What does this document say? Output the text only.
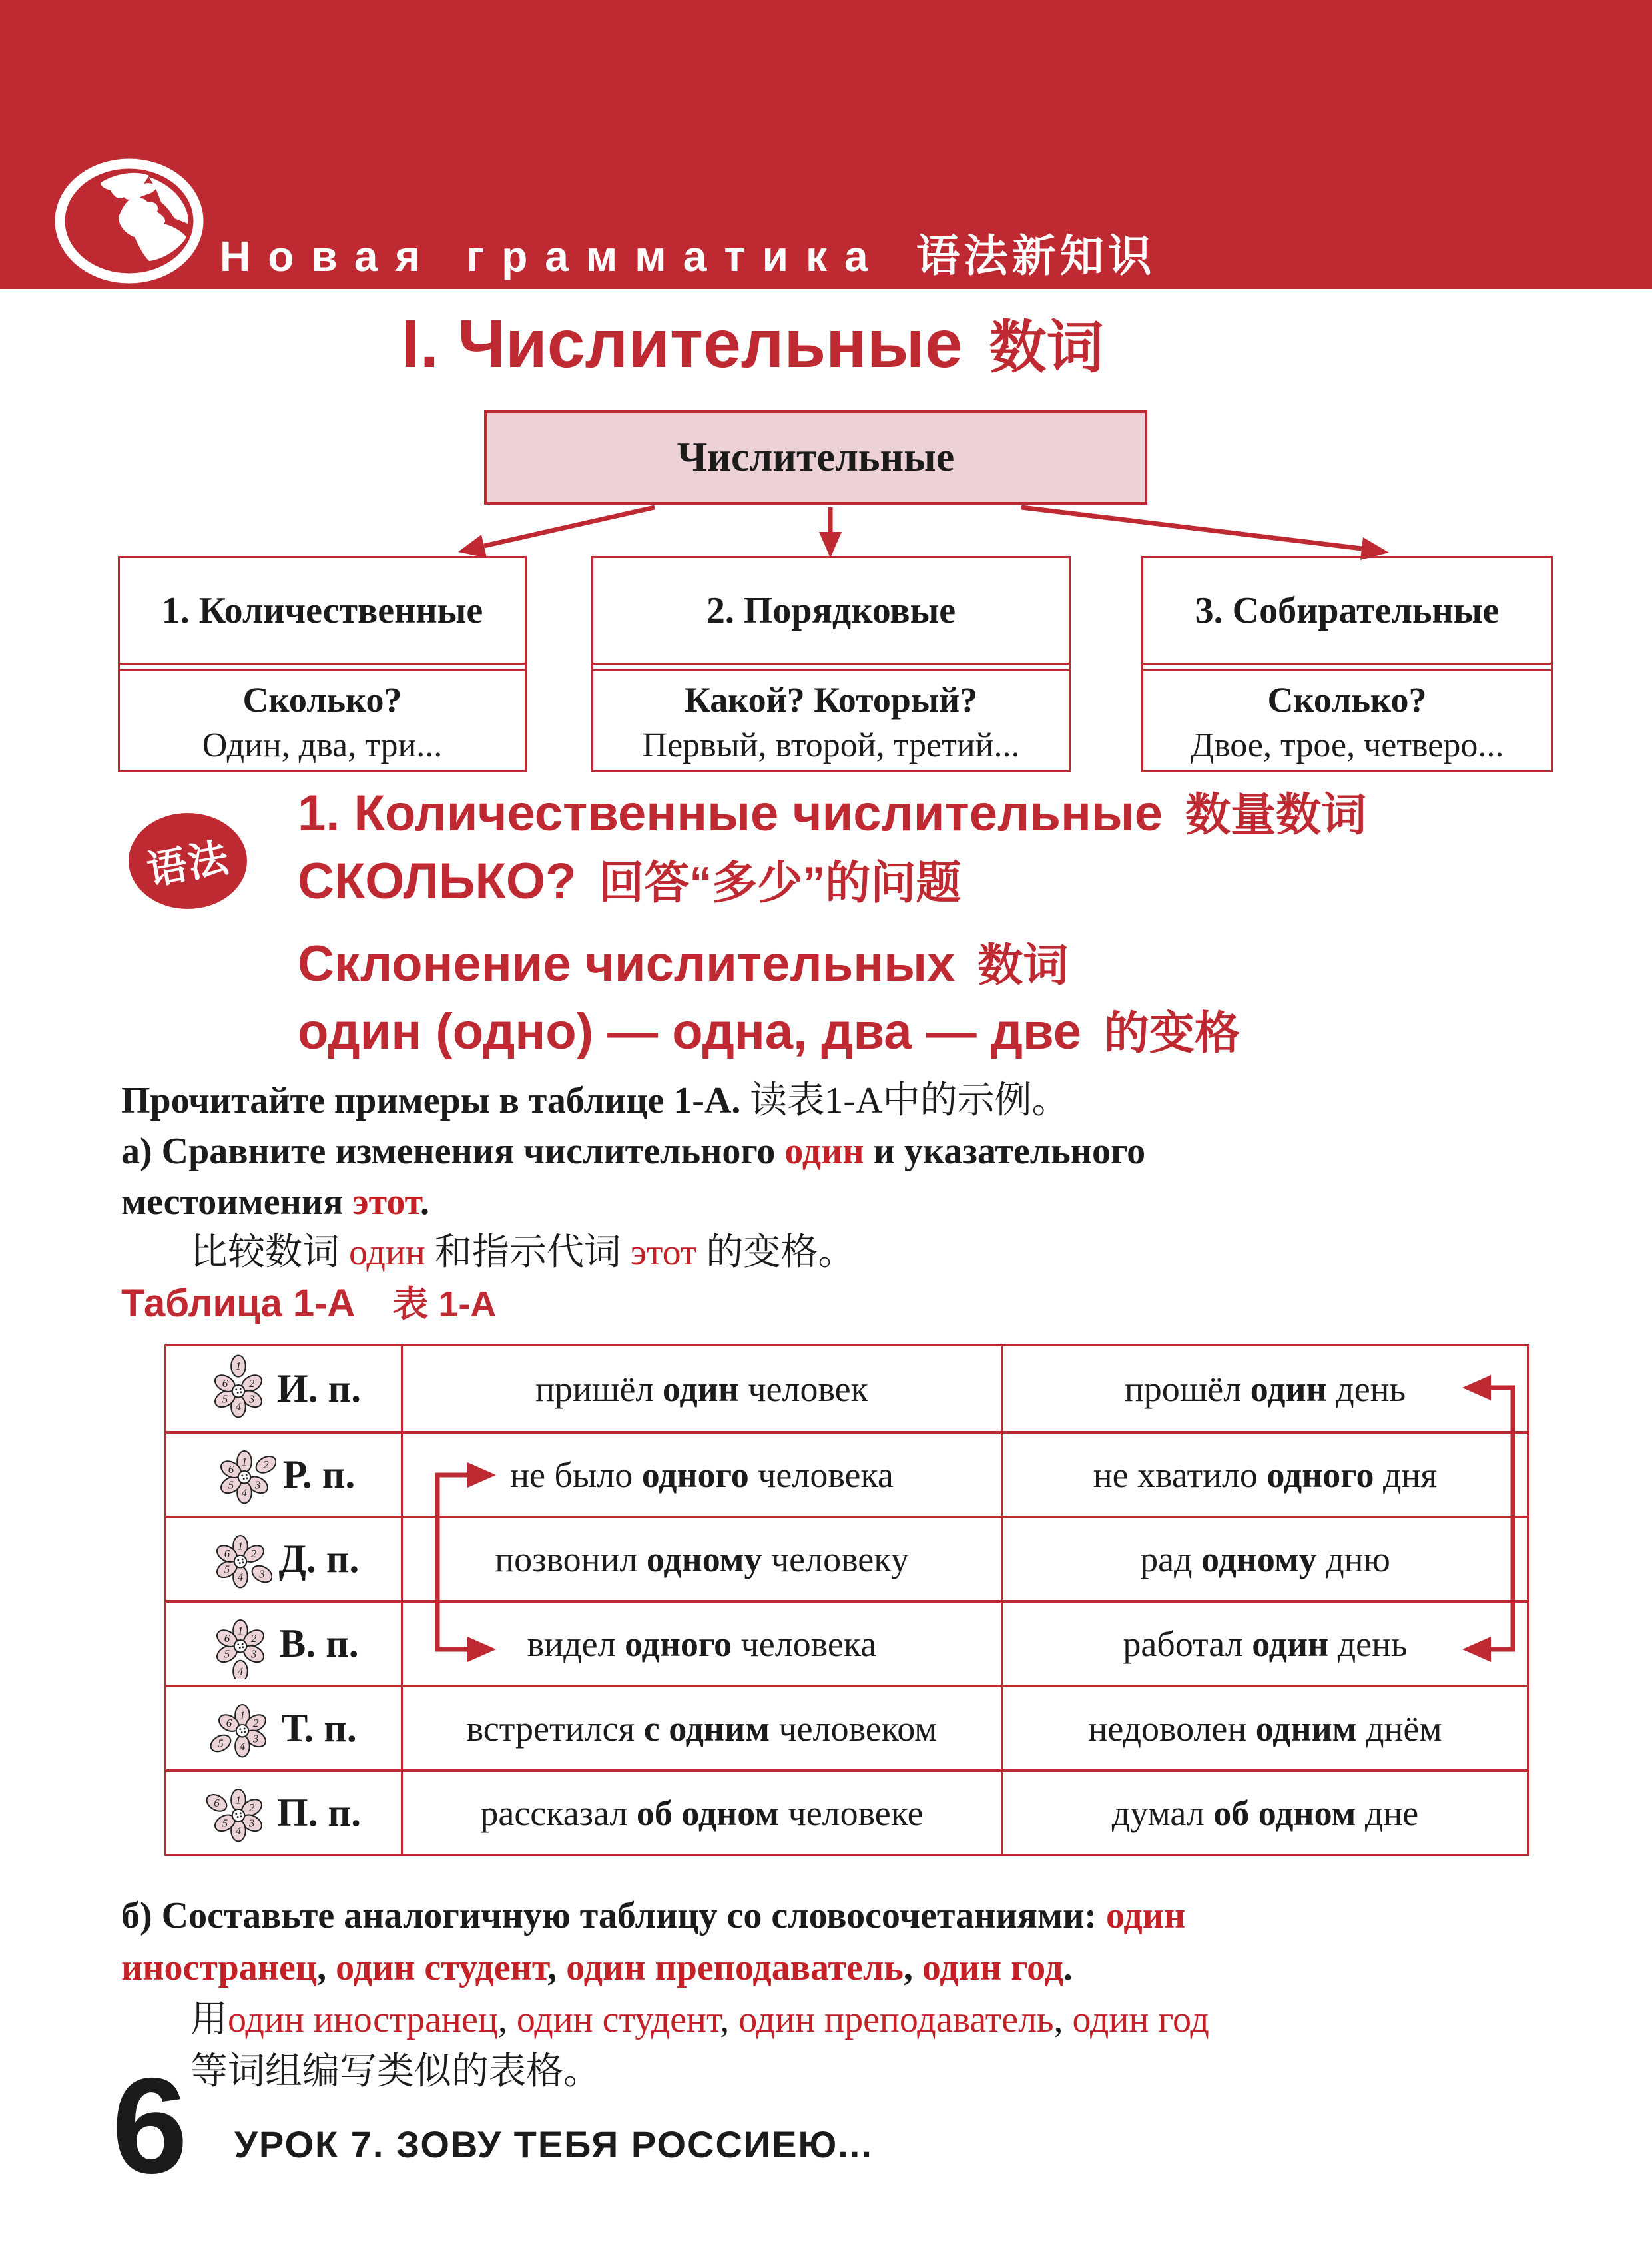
Новая грамматика 语法新知识
I. Числительные 数词
Числительные
1. Количественные
Сколько?
Один, два, три...
2. Порядковые
Какой? Который?
Первый, второй, третий...
3. Собирательные
Сколько?
Двое, трое, четверо...
语法
1. Количественные числительные 数量数词
СКОЛЬКО? 回答“多少”的问题
Склонение числительных 数词
один (одно) — одна, два — две 的变格
Прочитайте примеры в таблице 1-А. 读表1-А中的示例。
а) Сравните изменения числительного один и указательного
местоимения этот.
比较数词 один 和指示代词 этот 的变格。
Таблица 1-А 表 1-А
1
2
3
4
5
6 И. п.	пришёл один человек	прошёл один день
1 2
3
4
5
6 Р. п.	не было одного человека	не хватило одного дня
1
2
3
4
5
6 Д. п.	позвонил одному человеку	рад одному дню
1
2
3
4
5
6 В. п.	видел одного человека	работал один день
1
2
3
4
5
6 Т. п.	встретился с одним человеком	недоволен одним днём
1
2
3
4
5
6 П. п.	рассказал об одном человеке	думал об одном дне
б) Составьте аналогичную таблицу со словосочетаниями: один
иностранец, один студент, один преподаватель, один год.
用один иностранец, один студент, один преподаватель, один год
等词组编写类似的表格。
6 УРОК 7. ЗОВУ ТЕБЯ РОССИЕЮ...
